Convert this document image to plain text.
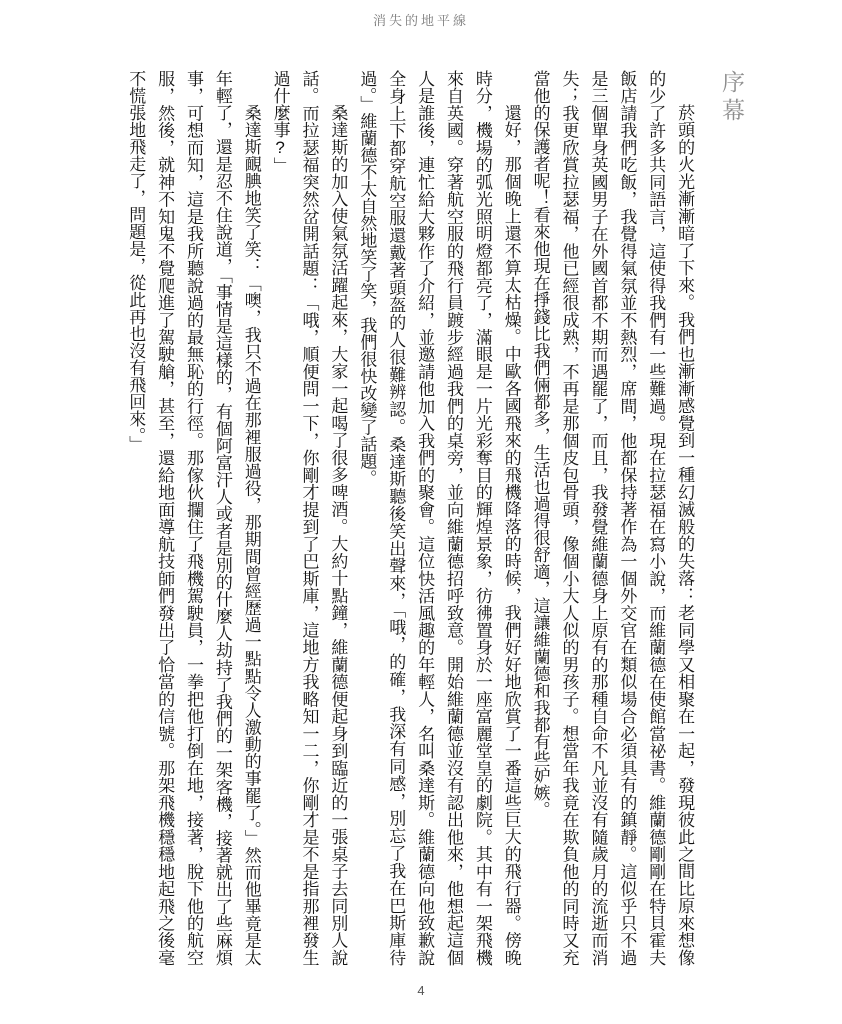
消失的地平線
序幕

菸頭的火光漸漸暗了下來。我們也漸漸感覺到一種幻滅般的失落：老同學又相聚在一起，發現彼此之間比原來想像的少了許多共同語言，這使得我們有一些難過。現在拉瑟福在寫小說，而維蘭德在使館當祕書。維蘭德剛剛在特貝霍夫飯店請我們吃飯，我覺得氣氛並不熱烈，席間，他都保持著作為一個外交官在類似場合必須具有的鎮靜。這似乎只不過是三個單身英國男子在外國首都不期而遇罷了，而且，我發覺維蘭德身上原有的那種自命不凡並沒有隨歲月的流逝而消失；我更欣賞拉瑟福，他已經很成熟，不再是那個皮包骨頭，像個小大人似的男孩子。想當年我竟在欺負他的同時又充當他的保護者呢！看來他現在掙錢比我們倆都多，生活也過得很舒適，這讓維蘭德和我都有些妒嫉。

還好，那個晚上還不算太枯燥。中歐各國飛來的飛機降落的時候，我們好好地欣賞了一番這些巨大的飛行器。傍晚時分，機場的弧光照明燈都亮了，滿眼是一片光彩奪目的輝煌景象，彷彿置身於一座富麗堂皇的劇院。其中有一架飛機來自英國。穿著航空服的飛行員踱步經過我們的桌旁，並向維蘭德招呼致意。開始維蘭德並沒有認出他來，他想起這個人是誰後，連忙給大夥作了介紹，並邀請他加入我們的聚會。這位快活風趣的年輕人，名叫桑達斯。維蘭德向他致歉說全身上下都穿航空服還戴著頭盔的人很難辨認。桑達斯聽後笑出聲來，「哦，的確，我深有同感，別忘了我在巴斯庫待過。」維蘭德不太自然地笑了笑，我們很快改變了話題。

桑達斯的加入使氣氛活躍起來，大家一起喝了很多啤酒。大約十點鐘，維蘭德便起身到臨近的一張桌子去同別人說話。而拉瑟福突然岔開話題：「哦，順便問一下，你剛才提到了巴斯庫，這地方我略知一二，你剛才是不是指那裡發生過什麼事?」

桑達斯靦腆地笑了笑：「噢，我只不過在那裡服過役，那期間曾經歷過一點點令人激動的事罷了。」然而他畢竟是太年輕了，還是忍不住說道，「事情是這樣的，有個阿富汗人或者是別的什麼人劫持了我們的一架客機，接著就出了些麻煩事，可想而知，這是我所聽說過的最無恥的行徑。那傢伙攔住了飛機駕駛員，一拳把他打倒在地，接著，脫下他的航空服，然後，就神不知鬼不覺爬進了駕駛艙，甚至，還給地面導航技師們發出了恰當的信號。那架飛機穩穩地起飛之後毫不慌張地飛走了，問題是，從此再也沒有飛回來。」

4
